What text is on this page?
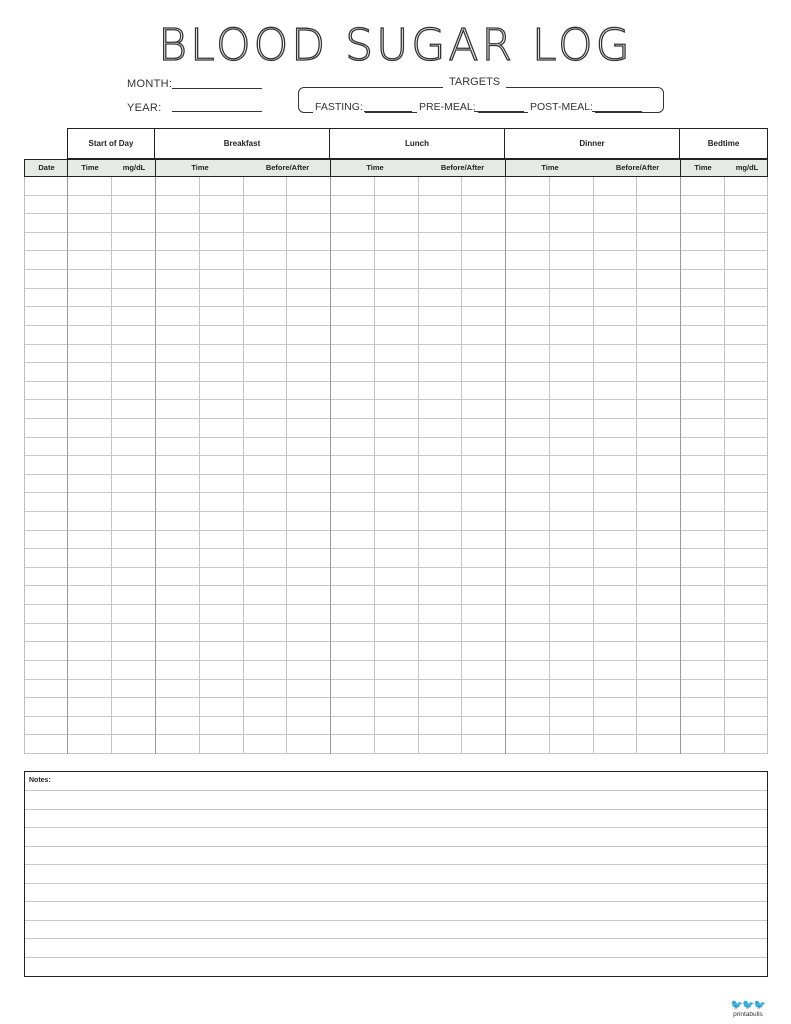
BLOOD SUGAR LOG
MONTH:
YEAR:
TARGETS
FASTING:	PRE-MEAL:	POST-MEAL:
Start of Day	Breakfast	Lunch	Dinner	Bedtime
Date	Time	mg/dL	Time	Before/After	Time	Before/After	Time	Before/After	Time	mg/dL
Notes:
🐦🐦🐦
printabulls
